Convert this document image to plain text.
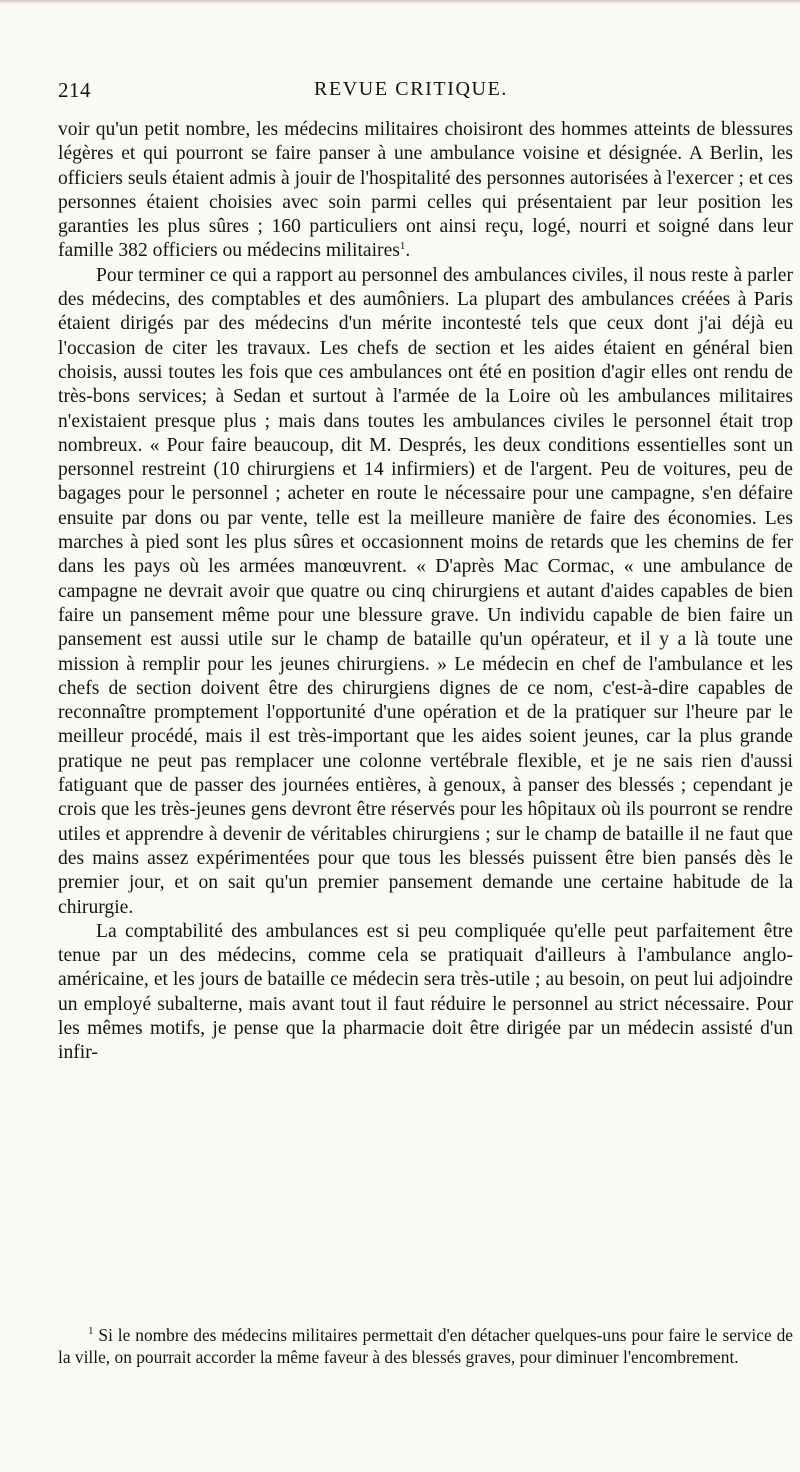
214	REVUE CRITIQUE.

voir qu'un petit nombre, les médecins militaires choisiront des hommes atteints de blessures légères et qui pourront se faire panser à une ambulance voisine et désignée. A Berlin, les officiers seuls étaient admis à jouir de l'hospitalité des personnes autorisées à l'exercer ; et ces personnes étaient choisies avec soin parmi celles qui présentaient par leur position les garanties les plus sûres ; 160 particuliers ont ainsi reçu, logé, nourri et soigné dans leur famille 382 officiers ou médecins militaires$^1$.

Pour terminer ce qui a rapport au personnel des ambulances civiles, il nous reste à parler des médecins, des comptables et des aumôniers. La plupart des ambulances créées à Paris étaient dirigés par des médecins d'un mérite incontesté tels que ceux dont j'ai déjà eu l'occasion de citer les travaux. Les chefs de section et les aides étaient en général bien choisis, aussi toutes les fois que ces ambulances ont été en position d'agir elles ont rendu de très-bons services; à Sedan et surtout à l'armée de la Loire où les ambulances militaires n'existaient presque plus ; mais dans toutes les ambulances civiles le personnel était trop nombreux. « Pour faire beaucoup, dit M. Després, les deux conditions essentielles sont un personnel restreint (10 chirurgiens et 14 infirmiers) et de l'argent. Peu de voitures, peu de bagages pour le personnel ; acheter en route le nécessaire pour une campagne, s'en défaire ensuite par dons ou par vente, telle est la meilleure manière de faire des économies. Les marches à pied sont les plus sûres et occasionnent moins de retards que les chemins de fer dans les pays où les armées manœuvrent. « D'après Mac Cormac, « une ambulance de campagne ne devrait avoir que quatre ou cinq chirurgiens et autant d'aides capables de bien faire un pansement même pour une blessure grave. Un individu capable de bien faire un pansement est aussi utile sur le champ de bataille qu'un opérateur, et il y a là toute une mission à remplir pour les jeunes chirurgiens. » Le médecin en chef de l'ambulance et les chefs de section doivent être des chirurgiens dignes de ce nom, c'est-à-dire capables de reconnaître promptement l'opportunité d'une opération et de la pratiquer sur l'heure par le meilleur procédé, mais il est très-important que les aides soient jeunes, car la plus grande pratique ne peut pas remplacer une colonne vertébrale flexible, et je ne sais rien d'aussi fatiguant que de passer des journées entières, à genoux, à panser des blessés ; cependant je crois que les très-jeunes gens devront être réservés pour les hôpitaux où ils pourront se rendre utiles et apprendre à devenir de véritables chirurgiens ; sur le champ de bataille il ne faut que des mains assez expérimentées pour que tous les blessés puissent être bien pansés dès le premier jour, et on sait qu'un premier pansement demande une certaine habitude de la chirurgie.

La comptabilité des ambulances est si peu compliquée qu'elle peut parfaitement être tenue par un des médecins, comme cela se pratiquait d'ailleurs à l'ambulance anglo-américaine, et les jours de bataille ce médecin sera très-utile ; au besoin, on peut lui adjoindre un employé subalterne, mais avant tout il faut réduire le personnel au strict nécessaire. Pour les mêmes motifs, je pense que la pharmacie doit être dirigée par un médecin assisté d'un infir-

$^1$ Si le nombre des médecins militaires permettait d'en détacher quelques-uns pour faire le service de la ville, on pourrait accorder la même faveur à des blessés graves, pour diminuer l'encombrement.
